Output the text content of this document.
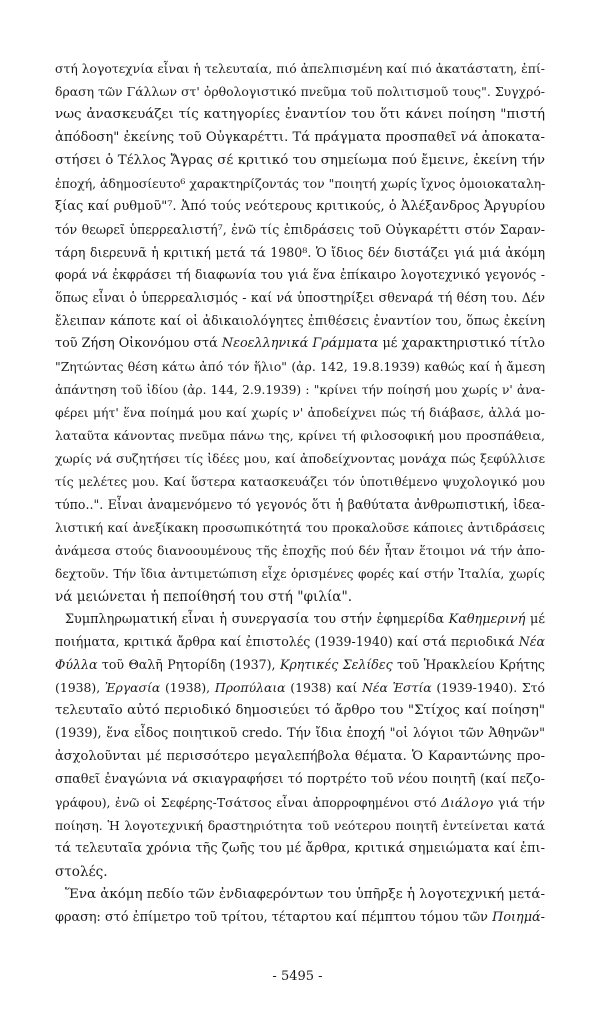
στή λογοτεχνία εἶναι ἡ τελευταία, πιό ἀπελπισμένη καί πιό ἀκατάστατη, ἐπί-
δραση τῶν Γάλλων στ' ὀρθολογιστικό πνεῦμα τοῦ πολιτισμοῦ τους". Συγχρό-
νως ἀνασκευάζει τίς κατηγορίες ἐναντίον του ὅτι κάνει ποίηση "πιστή
ἀπόδοση" ἐκείνης τοῦ Οὐγκαρέττι. Τά πράγματα προσπαθεῖ νά ἀποκατα-
στήσει ὁ Τέλλος Ἄγρας σέ κριτικό του σημείωμα πού ἔμεινε, ἐκείνη τήν
ἐποχή, ἀδημοσίευτο⁶ χαρακτηρίζοντάς τον "ποιητή χωρίς ἴχνος ὁμοιοκαταλη-
ξίας καί ρυθμοῦ"⁷. Ἀπό τούς νεότερους κριτικούς, ὁ Ἀλέξανδρος Ἀργυρίου
τόν θεωρεῖ ὑπερρεαλιστή⁷, ἐνῶ τίς ἐπιδράσεις τοῦ Οὐγκαρέττι στόν Σαραν-
τάρη διερευνᾶ ἡ κριτική μετά τά 1980⁸. Ὁ ἴδιος δέν διστάζει γιά μιά ἀκόμη
φορά νά ἐκφράσει τή διαφωνία του γιά ἕνα ἐπίκαιρο λογοτεχνικό γεγονός -
ὅπως εἶναι ὁ ὑπερρεαλισμός - καί νά ὑποστηρίξει σθεναρά τή θέση του. Δέν
ἔλειπαν κάποτε καί οἱ ἀδικαιολόγητες ἐπιθέσεις ἐναντίον του, ὅπως ἐκείνη
τοῦ Ζήση Οἰκονόμου στά Νεοελληνικά Γράμματα μέ χαρακτηριστικό τίτλο
"Ζητώντας θέση κάτω ἀπό τόν ἥλιο" (ἀρ. 142, 19.8.1939) καθώς καί ἡ ἄμεση
ἀπάντηση τοῦ ἰδίου (ἀρ. 144, 2.9.1939) : "κρίνει τήν ποίησή μου χωρίς ν' ἀνα-
φέρει μήτ' ἕνα ποίημά μου καί χωρίς ν' ἀποδείχνει πώς τή διάβασε, ἀλλά μο-
λαταῦτα κάνοντας πνεῦμα πάνω της, κρίνει τή φιλοσοφική μου προσπάθεια,
χωρίς νά συζητήσει τίς ἰδέες μου, καί ἀποδείχνοντας μονάχα πώς ξεφύλλισε
τίς μελέτες μου. Καί ὕστερα κατασκευάζει τόν ὑποτιθέμενο ψυχολογικό μου
τύπο..". Εἶναι ἀναμενόμενο τό γεγονός ὅτι ἡ βαθύτατα ἀνθρωπιστική, ἰδεα-
λιστική καί ἀνεξίκακη προσωπικότητά του προκαλοῦσε κάποιες ἀντιδράσεις
ἀνάμεσα στούς διανοουμένους τῆς ἐποχῆς πού δέν ἦταν ἕτοιμοι νά τήν ἀπο-
δεχτοῦν. Τήν ἴδια ἀντιμετώπιση εἶχε ὁρισμένες φορές καί στήν Ἰταλία, χωρίς
νά μειώνεται ἡ πεποίθησή του στή "φιλία".
Συμπληρωματική εἶναι ἡ συνεργασία του στήν ἐφημερίδα Καθημερινή μέ
ποιήματα, κριτικά ἄρθρα καί ἐπιστολές (1939-1940) καί στά περιοδικά Νέα
Φύλλα τοῦ Θαλῆ Ρητορίδη (1937), Κρητικές Σελίδες τοῦ Ἡρακλείου Κρήτης
(1938), Ἐργασία (1938), Προπύλαια (1938) καί Νέα Ἑστία (1939-1940). Στό
τελευταῖο αὐτό περιοδικό δημοσιεύει τό ἄρθρο του "Στίχος καί ποίηση"
(1939), ἕνα εἶδος ποιητικοῦ credo. Τήν ἴδια ἐποχή "οἱ λόγιοι τῶν Ἀθηνῶν"
ἀσχολοῦνται μέ περισσότερο μεγαλεπήβολα θέματα. Ὁ Καραντώνης προ-
σπαθεῖ ἐναγώνια νά σκιαγραφήσει τό πορτρέτο τοῦ νέου ποιητῆ (καί πεζο-
γράφου), ἐνῶ οἱ Σεφέρης-Τσάτσος εἶναι ἀπορροφημένοι στό Διάλογο γιά τήν
ποίηση. Ἡ λογοτεχνική δραστηριότητα τοῦ νεότερου ποιητῆ ἐντείνεται κατά
τά τελευταῖα χρόνια τῆς ζωῆς του μέ ἄρθρα, κριτικά σημειώματα καί ἐπι-
στολές.
Ἕνα ἀκόμη πεδίο τῶν ἐνδιαφερόντων του ὑπῆρξε ἡ λογοτεχνική μετά-
φραση: στό ἐπίμετρο τοῦ τρίτου, τέταρτου καί πέμπτου τόμου τῶν Ποιημά-
- 5495 -
